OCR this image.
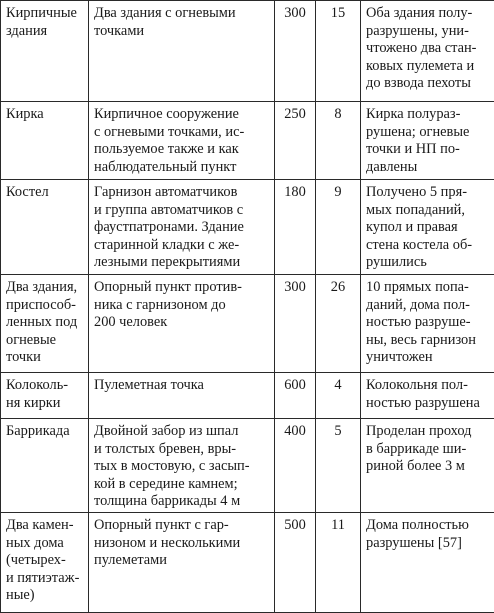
Кирпичные
здания	Два здания с огневыми
точками	300	15	Оба здания полу-
разрушены, уни-
чтожено два стан-
ковых пулемета и
до взвода пехоты

Кирка	Кирпичное сооружение
с огневыми точками, ис-
пользуемое также и как
наблюдательный пункт	250	8	Кирка полураз-
рушена; огневые
точки и НП по-
давлены

Костел	Гарнизон автоматчиков
и группа автоматчиков с
фаустпатронами. Здание
старинной кладки с же-
лезными перекрытиями	180	9	Получено 5 пря-
мых попаданий,
купол и правая
стена костела об-
рушились

Два здания,
приспособ-
ленных под
огневые
точки	Опорный пункт против-
ника с гарнизоном до
200 человек	300	26	10 прямых попа-
даний, дома пол-
ностью разруше-
ны, весь гарнизон
уничтожен

Колоколь-
ня кирки	Пулеметная точка	600	4	Колокольня пол-
ностью разрушена

Баррикада	Двойной забор из шпал
и толстых бревен, вры-
тых в мостовую, с засып-
кой в середине камнем;
толщина баррикады 4 м	400	5	Проделан проход
в баррикаде ши-
риной более 3 м

Два камен-
ных дома
(четырех-
и пятиэтаж-
ные)	Опорный пункт с гар-
низоном и несколькими
пулеметами	500	11	Дома полностью
разрушены [57]
